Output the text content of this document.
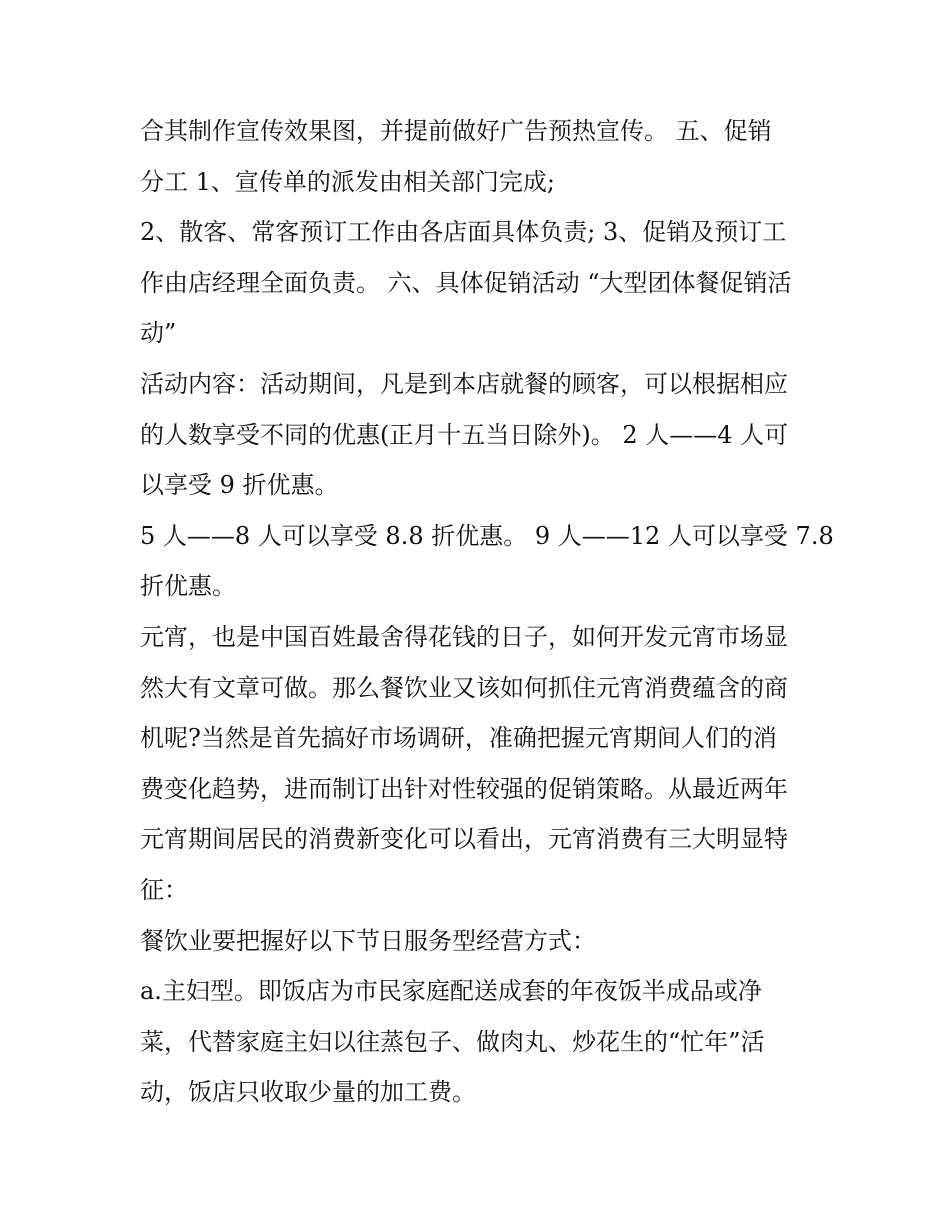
合其制作宣传效果图，并提前做好广告预热宣传。 五、促销
分工 1、宣传单的派发由相关部门完成;
2、散客、常客预订工作由各店面具体负责; 3、促销及预订工
作由店经理全面负责。 六、具体促销活动 “大型团体餐促销活
动”
活动内容：活动期间，凡是到本店就餐的顾客，可以根据相应
的人数享受不同的优惠(正月十五当日除外)。 2 人——4 人可
以享受 9 折优惠。
5 人——8 人可以享受 8.8 折优惠。 9 人——12 人可以享受 7.8
折优惠。
元宵，也是中国百姓最舍得花钱的日子，如何开发元宵市场显
然大有文章可做。那么餐饮业又该如何抓住元宵消费蕴含的商
机呢?当然是首先搞好市场调研，准确把握元宵期间人们的消
费变化趋势，进而制订出针对性较强的促销策略。从最近两年
元宵期间居民的消费新变化可以看出，元宵消费有三大明显特
征：
餐饮业要把握好以下节日服务型经营方式：
a.主妇型。即饭店为市民家庭配送成套的年夜饭半成品或净
菜，代替家庭主妇以往蒸包子、做肉丸、炒花生的“忙年”活
动，饭店只收取少量的加工费。
